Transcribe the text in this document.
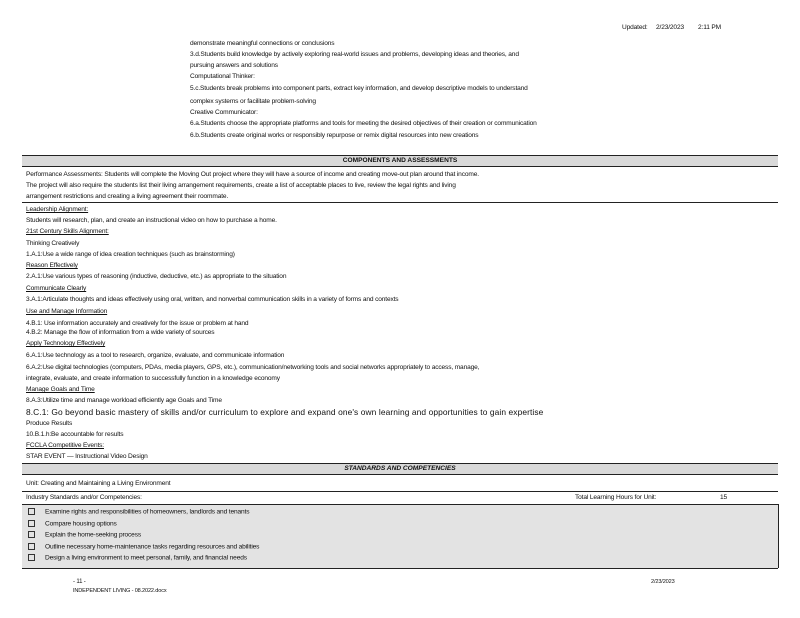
Updated: 2/23/2023 2:11 PM
demonstrate meaningful connections or conclusions
3.d.Students build knowledge by actively exploring real-world issues and problems, developing ideas and theories, and
pursuing answers and solutions
Computational Thinker:
5.c.Students break problems into component parts, extract key information, and develop descriptive models to understand
complex systems or facilitate problem-solving
Creative Communicator:
6.a.Students choose the appropriate platforms and tools for meeting the desired objectives of their creation or communication
6.b.Students create original works or responsibly repurpose or remix digital resources into new creations
COMPONENTS AND ASSESSMENTS
Performance Assessments: Students will complete the Moving Out project where they will have a source of income and creating move-out plan around that income.
The project will also require the students list their living arrangement requirements, create a list of acceptable places to live, review the legal rights and living
arrangement restrictions and creating a living agreement their roommate.
Leadership Alignment:
Students will research, plan, and create an instructional video on how to purchase a home.
21st Century Skills Alignment:
Thinking Creatively
1.A.1:Use a wide range of idea creation techniques (such as brainstorming)
Reason Effectively
2.A.1:Use various types of reasoning (inductive, deductive, etc.) as appropriate to the situation
Communicate Clearly
3.A.1:Articulate thoughts and ideas effectively using oral, written, and nonverbal communication skills in a variety of forms and contexts
Use and Manage Information
4.B.1: Use information accurately and creatively for the issue or problem at hand
4.B.2: Manage the flow of information from a wide variety of sources
Apply Technology Effectively
6.A.1:Use technology as a tool to research, organize, evaluate, and communicate information
6.A.2:Use digital technologies (computers, PDAs, media players, GPS, etc.), communication/networking tools and social networks appropriately to access, manage,
integrate, evaluate, and create information to successfully function in a knowledge economy
Manage Goals and Time
8.A.3:Utilize time and manage workload efficiently age Goals and Time
8.C.1: Go beyond basic mastery of skills and/or curriculum to explore and expand one's own learning and opportunities to gain expertise
Produce Results
10.B.1.h:Be accountable for results
FCCLA Competitive Events:
STAR EVENT — Instructional Video Design
STANDARDS AND COMPETENCIES
Unit: Creating and Maintaining a Living Environment
Industry Standards and/or Competencies:	Total Learning Hours for Unit:	15
Examine rights and responsibilities of homeowners, landlords and tenants
Compare housing options
Explain the home-seeking process
Outline necessary home-maintenance tasks regarding resources and abilities
Design a living environment to meet personal, family, and financial needs
- 11 -
INDEPENDENT LIVING - 08.2022.docx
2/23/2023
